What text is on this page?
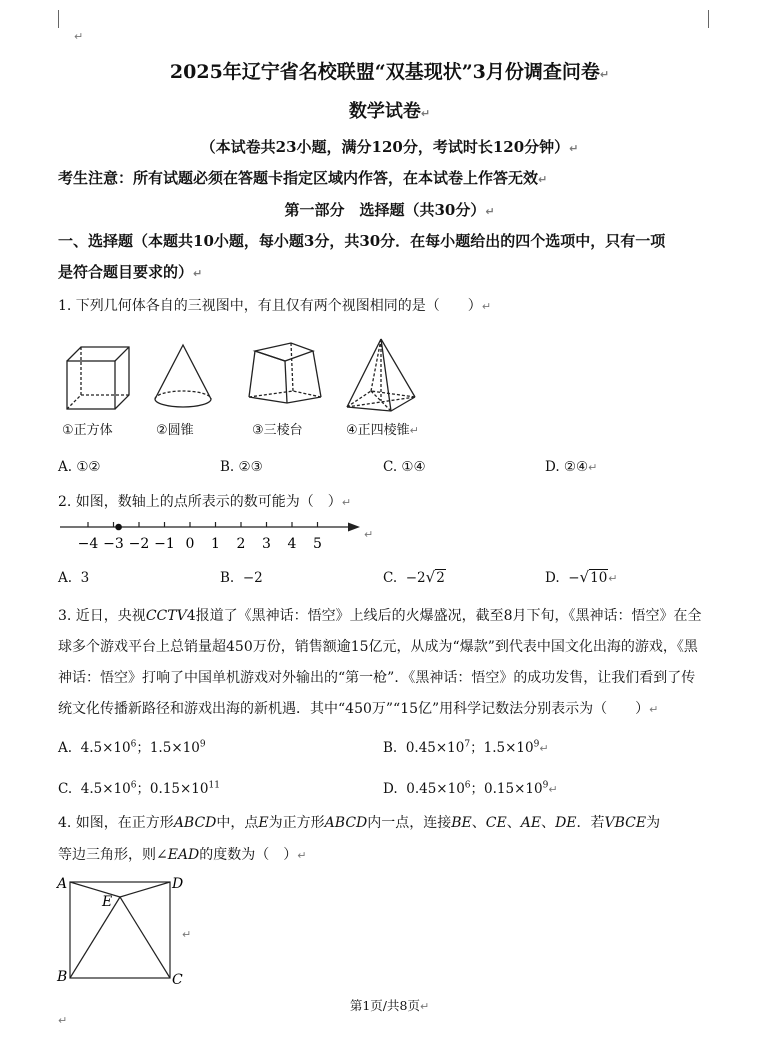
↵
2025年辽宁省名校联盟“双基现状”3月份调查问卷↵
数学试卷↵
（本试卷共23小题，满分120分，考试时长120分钟）↵
考生注意：所有试题必须在答题卡指定区域内作答，在本试卷上作答无效↵
第一部分　选择题（共30分）↵
一、选择题（本题共10小题，每小题3分，共30分．在每小题给出的四个选项中，只有一项
是符合题目要求的）↵
1. 下列几何体各自的三视图中，有且仅有两个视图相同的是（　　）↵
①正方体	②圆锥	③三棱台	④正四棱锥↵
A. ①②	B. ②③	C. ①④	D. ②④↵
2. 如图，数轴上的点所表示的数可能为（　）↵
−4 −3 −2 −1 0 1 2 3 4 5
↵
A. 3	B. −2	C. −2√2	D. −√10↵
3. 近日，央视CCTV4报道了《黑神话：悟空》上线后的火爆盛况，截至8月下旬，《黑神话：悟空》在全
球多个游戏平台上总销量超450万份，销售额逾15亿元，从成为“爆款”到代表中国文化出海的游戏，《黑
神话：悟空》打响了中国单机游戏对外输出的“第一枪”．《黑神话：悟空》的成功发售，让我们看到了传
统文化传播新路径和游戏出海的新机遇．其中“450万”“15亿”用科学记数法分别表示为（　　）↵
A. $4.5\times 10^6$；$1.5\times 10^9$	B. $0.45\times 10^7$；$1.5\times 10^9↵$
C. $4.5\times 10^6$；$0.15\times 10^{11}$	D. $0.45\times 10^6$；$0.15\times 10^9↵$
4. 如图，在正方形ABCD中，点E为正方形ABCD内一点，连接BE、CE、AE、DE．若VBCE为
等边三角形，则∠EAD的度数为（　）↵
A	D
B	C
E
↵
第1页/共8页↵
↵
